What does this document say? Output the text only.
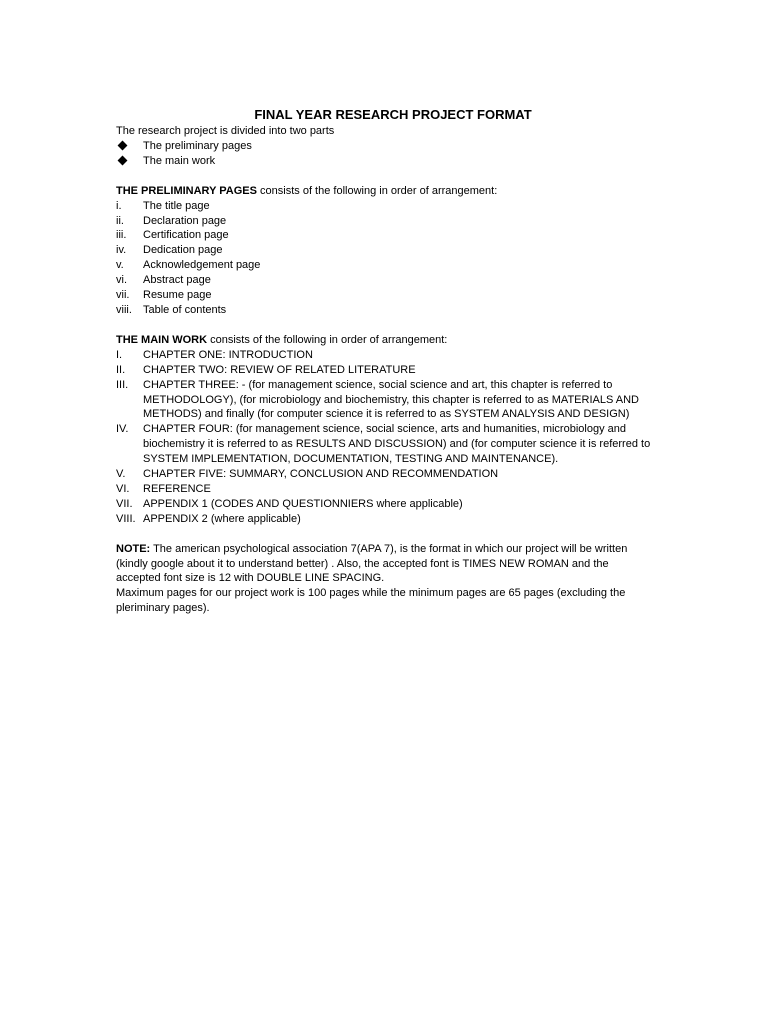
FINAL YEAR RESEARCH PROJECT FORMAT

The research project is divided into two parts

The preliminary pages
The main work

THE PRELIMINARY PAGES consists of the following in order of arrangement:

i.	The title page
ii.	Declaration page
iii.	Certification page
iv.	Dedication page
v.	Acknowledgement page
vi.	Abstract page
vii.	Resume page
viii.	Table of contents

THE MAIN WORK consists of the following in order of arrangement:

I.	CHAPTER ONE: INTRODUCTION
II.	CHAPTER TWO: REVIEW OF RELATED LITERATURE
III.	CHAPTER THREE: - (for management science, social science and art, this chapter is referred to METHODOLOGY), (for microbiology and biochemistry, this chapter is referred to as MATERIALS AND METHODS) and finally (for computer science it is referred to as SYSTEM ANALYSIS AND DESIGN)
IV.	CHAPTER FOUR: (for management science, social science, arts and humanities, microbiology and biochemistry it is referred to as RESULTS AND DISCUSSION) and (for computer science it is referred to SYSTEM IMPLEMENTATION, DOCUMENTATION, TESTING AND MAINTENANCE).
V.	CHAPTER FIVE: SUMMARY, CONCLUSION AND RECOMMENDATION
VI.	REFERENCE
VII. APPENDIX 1 (CODES AND QUESTIONNIERS where applicable)
VIII. APPENDIX 2 (where applicable)

NOTE: The american psychological association 7(APA 7), is the format in which our project will be written (kindly google about it to understand better) . Also, the accepted font is TIMES NEW ROMAN and the accepted font size is 12 with DOUBLE LINE SPACING.

Maximum pages for our project work is 100 pages while the minimum pages are 65 pages (excluding the pleriminary pages).
